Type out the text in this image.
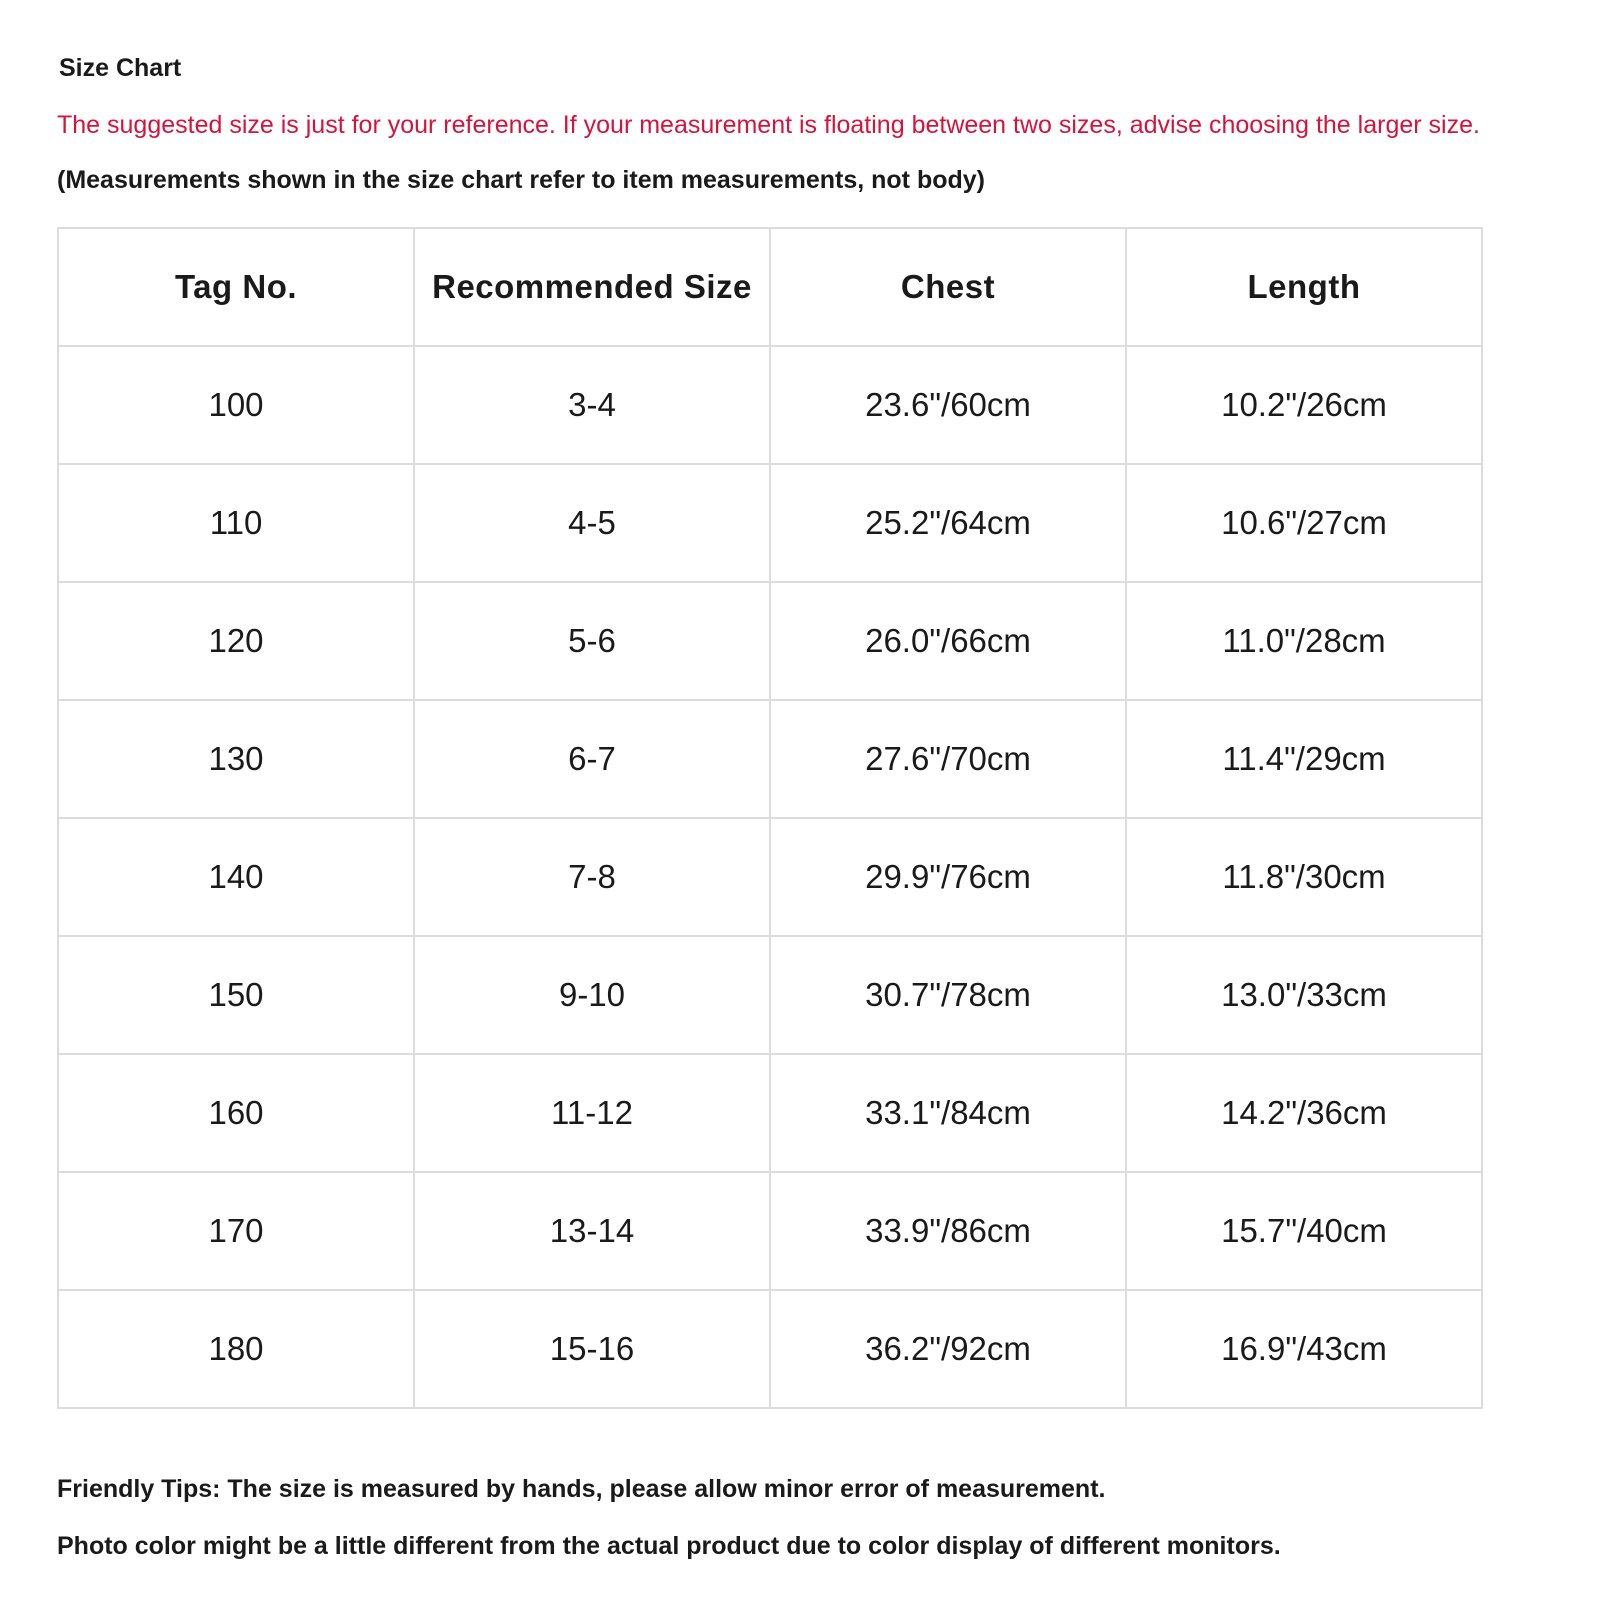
Size Chart
The suggested size is just for your reference. If your measurement is floating between two sizes, advise choosing the larger size.
(Measurements shown in the size chart refer to item measurements, not body)
Tag No.	Recommended Size	Chest	Length
100	3-4	23.6"/60cm	10.2"/26cm
110	4-5	25.2"/64cm	10.6"/27cm
120	5-6	26.0"/66cm	11.0"/28cm
130	6-7	27.6"/70cm	11.4"/29cm
140	7-8	29.9"/76cm	11.8"/30cm
150	9-10	30.7"/78cm	13.0"/33cm
160	11-12	33.1"/84cm	14.2"/36cm
170	13-14	33.9"/86cm	15.7"/40cm
180	15-16	36.2"/92cm	16.9"/43cm
Friendly Tips: The size is measured by hands, please allow minor error of measurement.
Photo color might be a little different from the actual product due to color display of different monitors.
